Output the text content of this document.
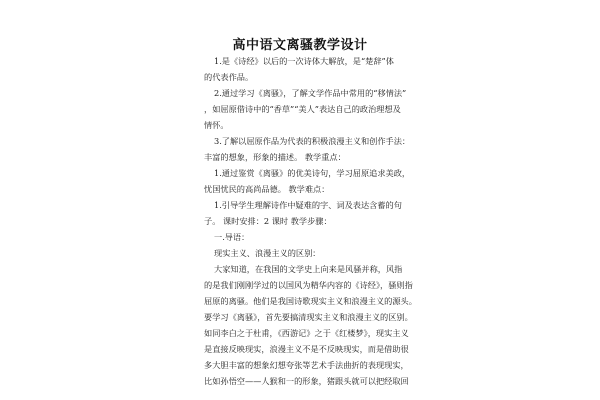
高中语文离骚教学设计
1.是《诗经》以后的一次诗体大解放，是“楚辞”体
的代表作品。
2.通过学习《离骚》，了解文学作品中常用的“移情法”
，如屈原借诗中的“香草”“美人”表达自己的政治理想及
情怀。
3.了解以屈原作品为代表的积极浪漫主义和创作手法：
丰富的想象，形象的描述。 教学重点：
1.通过鉴赏《离骚》的优美诗句，学习屈原追求美政，
忧国忧民的高尚品德。 教学难点：
1.引导学生理解诗作中疑难的字、词及表达含蓄的句
子。 课时安排：2 课时 教学步骤：
一.导语：
现实主义、浪漫主义的区别：
大家知道，在我国的文学史上向来是风骚并称，风指
的是我们刚刚学过的以国风为精华内容的《诗经》，骚则指
屈原的离骚。他们是我国诗歌现实主义和浪漫主义的源头。
要学习《离骚》，首先要搞清现实主义和浪漫主义的区别。
如同李白之于杜甫，《西游记》之于《红楼梦》，现实主义
是直接反映现实，浪漫主义不是不反映现实，而是借助很
多大胆丰富的想象幻想夸张等艺术手法曲折的表现现实，
比如孙悟空——人猴和一的形象，猪跟头就可以把经取回
